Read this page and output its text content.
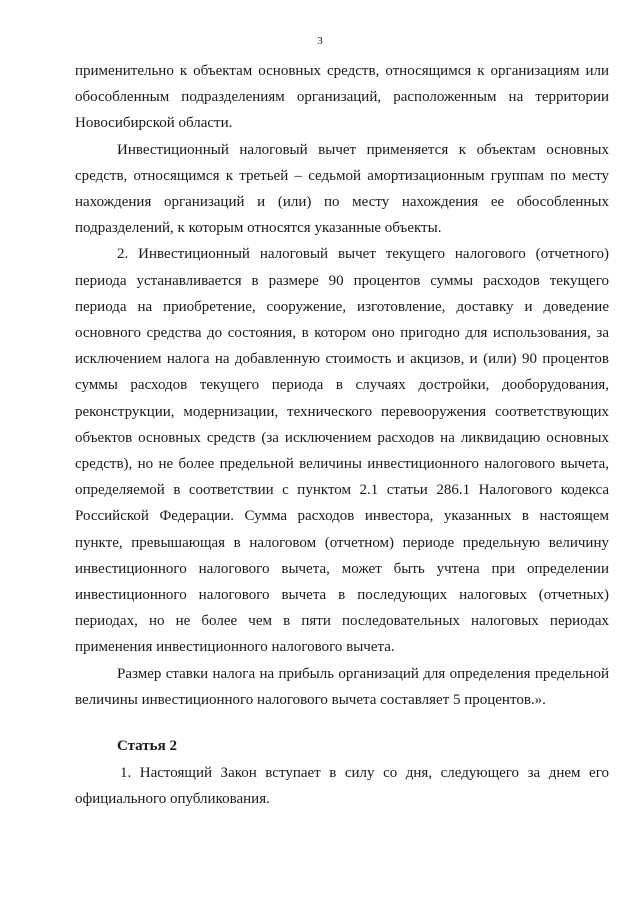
3

применительно к объектам основных средств, относящимся к организациям или обособленным подразделениям организаций, расположенным на территории Новосибирской области.

Инвестиционный налоговый вычет применяется к объектам основных средств, относящимся к третьей – седьмой амортизационным группам по месту нахождения организаций и (или) по месту нахождения ее обособленных подразделений, к которым относятся указанные объекты.

2. Инвестиционный налоговый вычет текущего налогового (отчетного) периода устанавливается в размере 90 процентов суммы расходов текущего периода на приобретение, сооружение, изготовление, доставку и доведение основного средства до состояния, в котором оно пригодно для использования, за исключением налога на добавленную стоимость и акцизов, и (или) 90 процентов суммы расходов текущего периода в случаях достройки, дооборудования, реконструкции, модернизации, технического перевооружения соответствующих объектов основных средств (за исключением расходов на ликвидацию основных средств), но не более предельной величины инвестиционного налогового вычета, определяемой в соответствии с пунктом 2.1 статьи 286.1 Налогового кодекса Российской Федерации. Сумма расходов инвестора, указанных в настоящем пункте, превышающая в налоговом (отчетном) периоде предельную величину инвестиционного налогового вычета, может быть учтена при определении инвестиционного налогового вычета в последующих налоговых (отчетных) периодах, но не более чем в пяти последовательных налоговых периодах применения инвестиционного налогового вычета.

Размер ставки налога на прибыль организаций для определения предельной величины инвестиционного налогового вычета составляет 5 процентов.».

Статья 2

1. Настоящий Закон вступает в силу со дня, следующего за днем его официального опубликования.
